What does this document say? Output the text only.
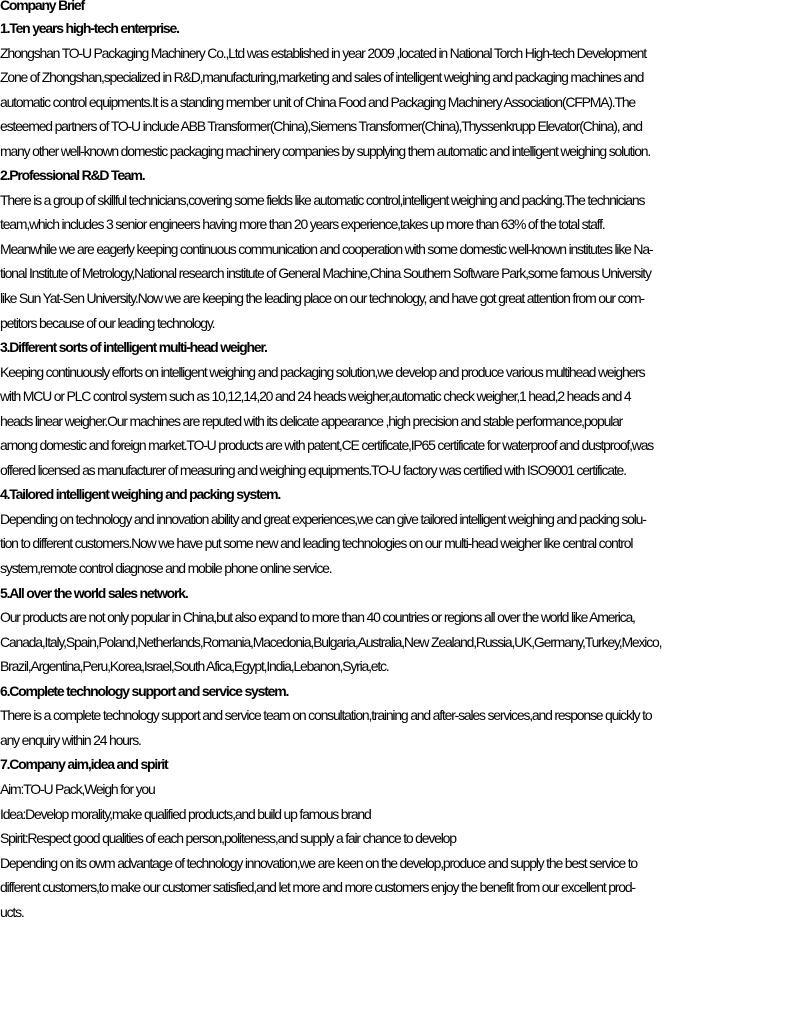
Company Brief

1.Ten years high-tech enterprise.

Zhongshan TO-U Packaging Machinery Co.,Ltd was established in year 2009 ,located in National Torch High-tech Development

Zone of Zhongshan,specialized in R&D,manufacturing,marketing and sales of intelligent weighing and packaging machines and

automatic control equipments.It is a standing member unit of China Food and Packaging Machinery Association(CFPMA).The

esteemed partners of TO-U include ABB Transformer(China),Siemens Transformer(China),Thyssenkrupp Elevator(China), and

many other well-known domestic packaging machinery companies by supplying them automatic and intelligent weighing solution.

2.Professional R&D Team.

There is a group of skillful technicians,covering some fields like automatic control,intelligent weighing and packing.The technicians

team,which includes 3 senior engineers having more than 20 years experience,takes up more than 63% of the total staff.

Meanwhile we are eagerly keeping continuous communication and cooperation with some domestic well-known institutes like Na-

tional Institute of Metrology,National research institute of General Machine,China Southern Software Park,some famous University

like Sun Yat-Sen University.Now we are keeping the leading place on our technology, and have got great attention from our com-

petitors because of our leading technology.

3.Different sorts of intelligent multi-head weigher.

Keeping continuously efforts on intelligent weighing and packaging solution,we develop and produce various multihead weighers

with MCU or PLC control system such as 10,12,14,20 and 24 heads weigher,automatic check weigher,1 head,2 heads and 4

heads linear weigher.Our machines are reputed with its delicate appearance ,high precision and stable performance,popular

among domestic and foreign market.TO-U products are with patent,CE certificate,IP65 certificate for waterproof and dustproof,was

offered licensed as manufacturer of measuring and weighing equipments.TO-U factory was certified with ISO9001 certificate.

4.Tailored intelligent weighing and packing system.

Depending on technology and innovation ability and great experiences,we can give tailored intelligent weighing and packing solu-

tion to different customers.Now we have put some new and leading technologies on our multi-head weigher like central control

system,remote control diagnose and mobile phone online service.

5.All over the world sales network.

Our products are not only popular in China,but also expand to more than 40 countries or regions all over the world like America,

Canada,Italy,Spain,Poland,Netherlands,Romania,Macedonia,Bulgaria,Australia,New Zealand,Russia,UK,Germany,Turkey,Mexico,

Brazil,Argentina,Peru,Korea,Israel,South Afica,Egypt,India,Lebanon,Syria,etc.

6.Complete technology support and service system.

There is a complete technology support and service team on consultation,training and after-sales services,and response quickly to

any enquiry within 24 hours.

7.Company aim,idea and spirit

Aim:TO-U Pack,Weigh for you

Idea:Develop morality,make qualified products,and build up famous brand

Spirit:Respect good qualities of each person,politeness,and supply a fair chance to develop

Depending on its owm advantage of technology innovation,we are keen on the develop,produce and supply the best service to

different customers,to make our customer satisfied,and let more and more customers enjoy the benefit from our excellent prod-

ucts.
